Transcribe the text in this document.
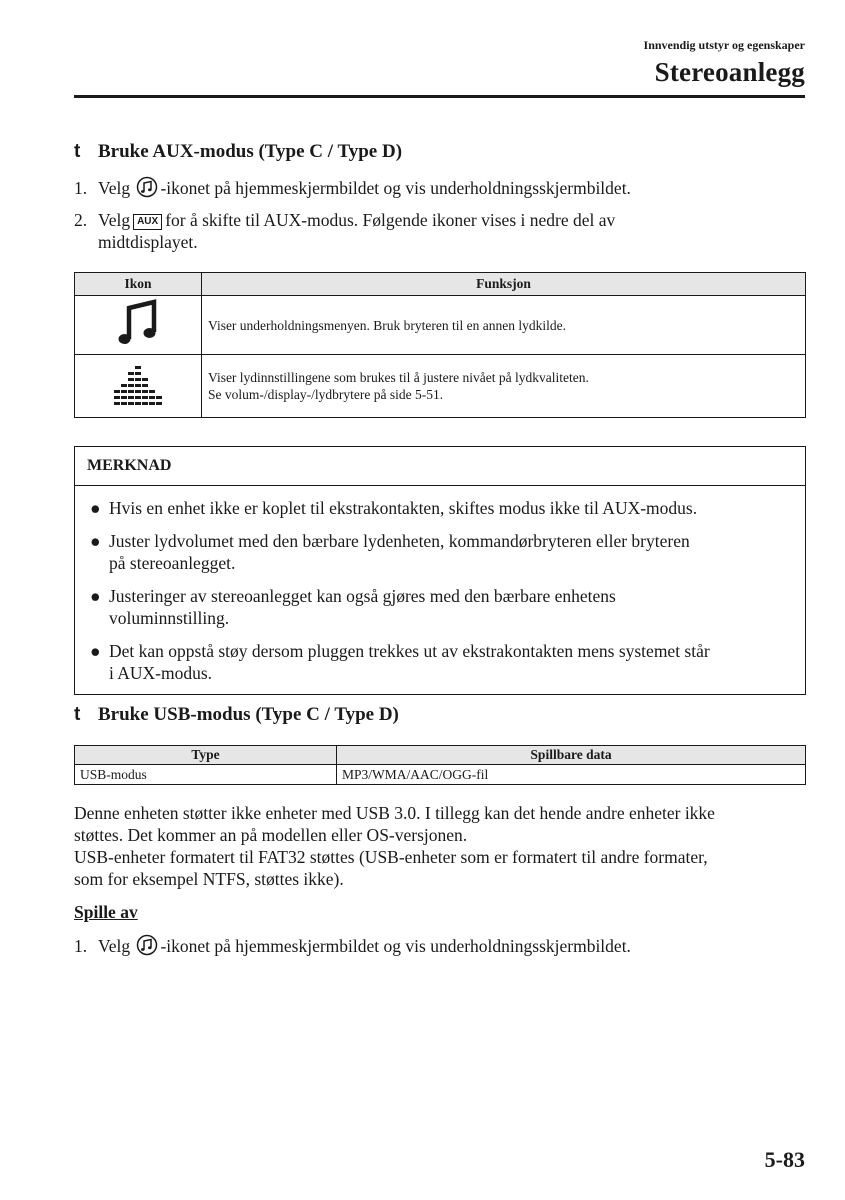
Innvendig utstyr og egenskaper
Stereoanlegg
t Bruke AUX-modus (Type C / Type D)
1. Velg -ikonet på hjemmeskjermbildet og vis underholdningsskjermbildet.
2. Velg AUX for å skifte til AUX-modus. Følgende ikoner vises i nedre del av
midtdisplayet.
Ikon	Funksjon

Viser underholdningsmenyen. Bruk bryteren til en annen lydkilde.

Viser lydinnstillingene som brukes til å justere nivået på lydkvaliteten.
Se volum-/display-/lydbrytere på side 5-51.
MERKNAD
● Hvis en enhet ikke er koplet til ekstrakontakten, skiftes modus ikke til AUX-modus.
● Juster lydvolumet med den bærbare lydenheten, kommandørbryteren eller bryteren
på stereoanlegget.
● Justeringer av stereoanlegget kan også gjøres med den bærbare enhetens
voluminnstilling.
● Det kan oppstå støy dersom pluggen trekkes ut av ekstrakontakten mens systemet står
i AUX-modus.
t Bruke USB-modus (Type C / Type D)
Type	Spillbare data
USB-modus	MP3/WMA/AAC/OGG-fil
Denne enheten støtter ikke enheter med USB 3.0. I tillegg kan det hende andre enheter ikke
støttes. Det kommer an på modellen eller OS-versjonen.
USB-enheter formatert til FAT32 støttes (USB-enheter som er formatert til andre formater,
som for eksempel NTFS, støttes ikke).
Spille av
1. Velg -ikonet på hjemmeskjermbildet og vis underholdningsskjermbildet.
5-83
